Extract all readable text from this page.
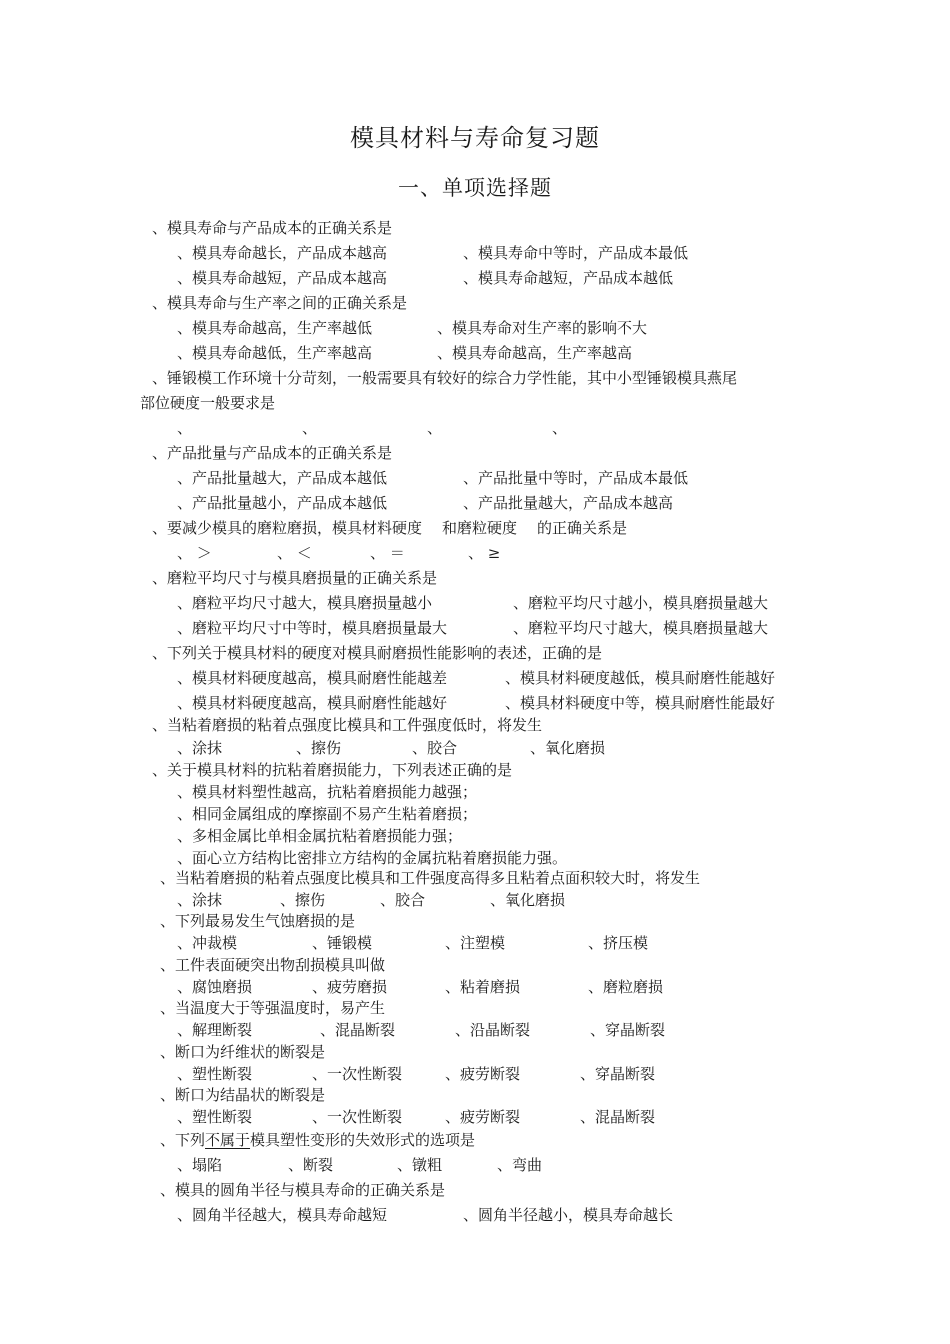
模具材料与寿命复习题
一、单项选择题
、模具寿命与产品成本的正确关系是
、模具寿命越长，产品成本越高	、模具寿命中等时，产品成本最低
、模具寿命越短，产品成本越高	、模具寿命越短，产品成本越低
、模具寿命与生产率之间的正确关系是
、模具寿命越高，生产率越低	、模具寿命对生产率的影响不大
、模具寿命越低，生产率越高	、模具寿命越高，生产率越高
、锤锻模工作环境十分苛刻，一般需要具有较好的综合力学性能，其中小型锤锻模具燕尾
部位硬度一般要求是
、	、	、	、
、产品批量与产品成本的正确关系是
、产品批量越大，产品成本越低	、产品批量中等时，产品成本最低
、产品批量越小，产品成本越低	、产品批量越大，产品成本越高
、要减少模具的磨粒磨损，模具材料硬度 和磨粒硬度 的正确关系是
、 ＞	、 ＜	、 ＝	、 ≥
、磨粒平均尺寸与模具磨损量的正确关系是
、磨粒平均尺寸越大，模具磨损量越小	、磨粒平均尺寸越小，模具磨损量越大
、磨粒平均尺寸中等时，模具磨损量最大	、磨粒平均尺寸越大，模具磨损量越大
、下列关于模具材料的硬度对模具耐磨损性能影响的表述，正确的是
、模具材料硬度越高，模具耐磨性能越差	、模具材料硬度越低，模具耐磨性能越好
、模具材料硬度越高，模具耐磨性能越好	、模具材料硬度中等，模具耐磨性能最好
、当粘着磨损的粘着点强度比模具和工件强度低时，将发生
、涂抹	、擦伤	、胶合	、氧化磨损
、关于模具材料的抗粘着磨损能力，下列表述正确的是
、模具材料塑性越高，抗粘着磨损能力越强；
、相同金属组成的摩擦副不易产生粘着磨损；
、多相金属比单相金属抗粘着磨损能力强；
、面心立方结构比密排立方结构的金属抗粘着磨损能力强。
、当粘着磨损的粘着点强度比模具和工件强度高得多且粘着点面积较大时，将发生
、涂抹	、擦伤	、胶合	、氧化磨损
、下列最易发生气蚀磨损的是
、冲裁模	、锤锻模	、注塑模	、挤压模
、工件表面硬突出物刮损模具叫做
、腐蚀磨损	、疲劳磨损	、粘着磨损	、磨粒磨损
、当温度大于等强温度时，易产生
、解理断裂	、混晶断裂	、沿晶断裂	、穿晶断裂
、断口为纤维状的断裂是
、塑性断裂	、一次性断裂	、疲劳断裂	、穿晶断裂
、断口为结晶状的断裂是
、塑性断裂	、一次性断裂	、疲劳断裂	、混晶断裂
、下列不属于模具塑性变形的失效形式的选项是
、塌陷	、断裂	、镦粗	、弯曲
、模具的圆角半径与模具寿命的正确关系是
、圆角半径越大，模具寿命越短	、圆角半径越小，模具寿命越长
